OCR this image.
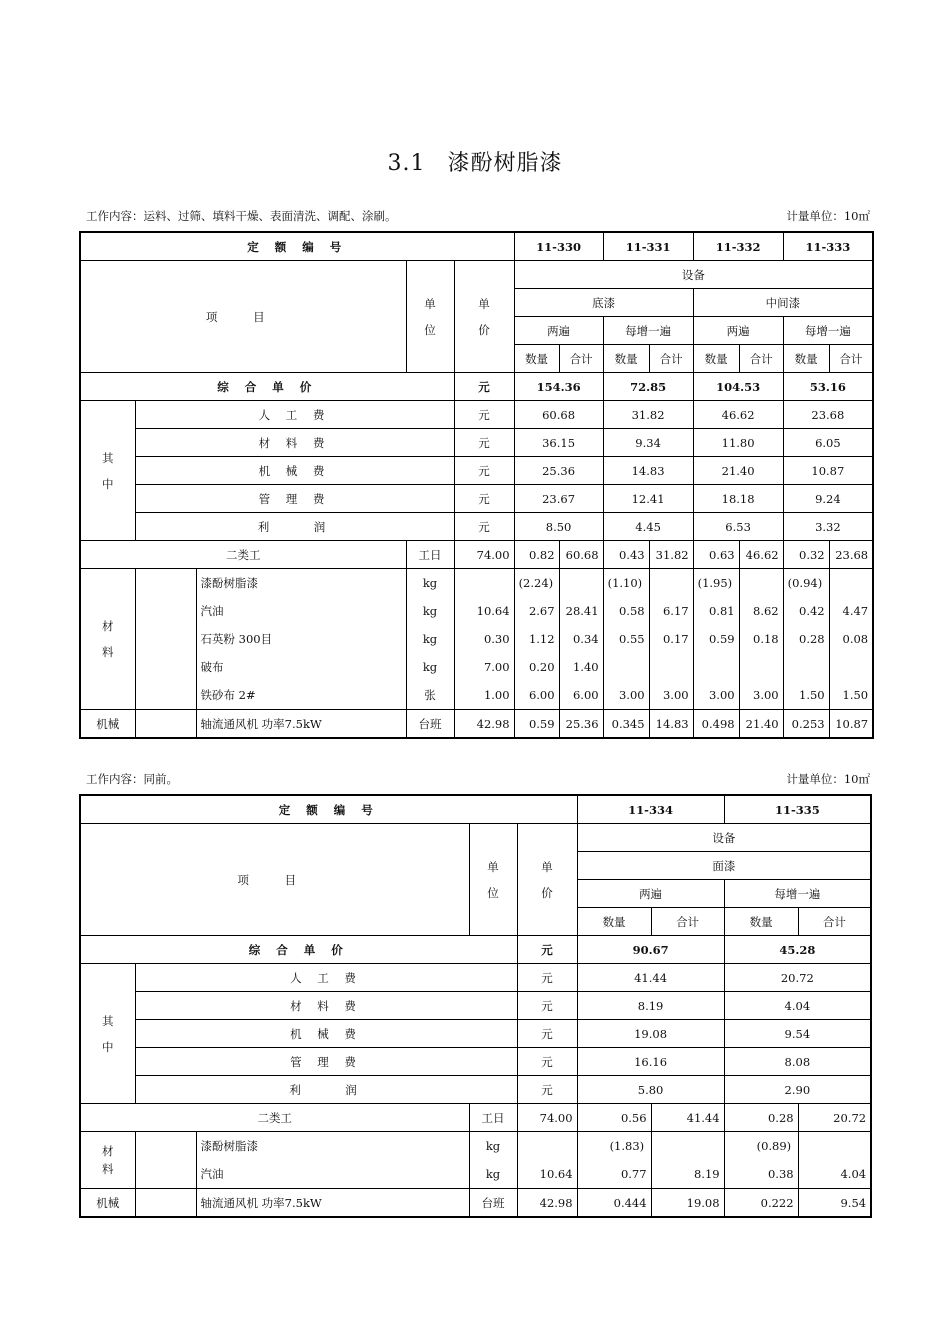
3.1 漆酚树脂漆
工作内容：运料、过筛、填料干燥、表面清洗、调配、涂刷。	计量单位：10㎡
定 额 编 号					11-330		11-331		11-332		11-333	
项 目			单
位	单
价	设备							
					底漆				中间漆			
					两遍		每增一遍		两遍		每增一遍	
					数量	合计	数量	合计	数量	合计	数量	合计
综 合 单 价				元	154.36		72.85		104.53		53.16	
其
中	人 工 费			元	60.68		31.82		46.62		23.68	
	材 料 费			元	36.15		9.34		11.80		6.05	
	机 械 费			元	25.36		14.83		21.40		10.87	
	管 理 费			元	23.67		12.41		18.18		9.24	
	利    润			元	8.50		4.45		6.53		3.32	
二类工			工日	74.00	0.82	60.68	0.43	31.82	0.63	46.62	0.32	23.68
材
料		漆酚树脂漆	kg		(2.24)		(1.10)		(1.95)		(0.94)	
		汽油	kg	10.64	2.67	28.41	0.58	6.17	0.81	8.62	0.42	4.47
		石英粉 300目	kg	0.30	1.12	0.34	0.55	0.17	0.59	0.18	0.28	0.08
		破布	kg	7.00	0.20	1.40						
		铁砂布 2#	张	1.00	6.00	6.00	3.00	3.00	3.00	3.00	1.50	1.50
机械		轴流通风机 功率7.5kW	台班	42.98	0.59	25.36	0.345	14.83	0.498	21.40	0.253	10.87
工作内容：同前。	计量单位：10㎡
定 额 编 号					11-334		11-335	
项 目			单
位	单
价	设备			
					面漆			
					两遍		每增一遍	
					数量	合计	数量	合计
综 合 单 价				元	90.67		45.28	
其
中	人 工 费			元	41.44		20.72	
	材 料 费			元	8.19		4.04	
	机 械 费			元	19.08		9.54	
	管 理 费			元	16.16		8.08	
	利    润			元	5.80		2.90	
二类工			工日	74.00	0.56	41.44	0.28	20.72
材
料		漆酚树脂漆	kg		(1.83)		(0.89)	
		汽油	kg	10.64	0.77	8.19	0.38	4.04
机械		轴流通风机 功率7.5kW	台班	42.98	0.444	19.08	0.222	9.54
